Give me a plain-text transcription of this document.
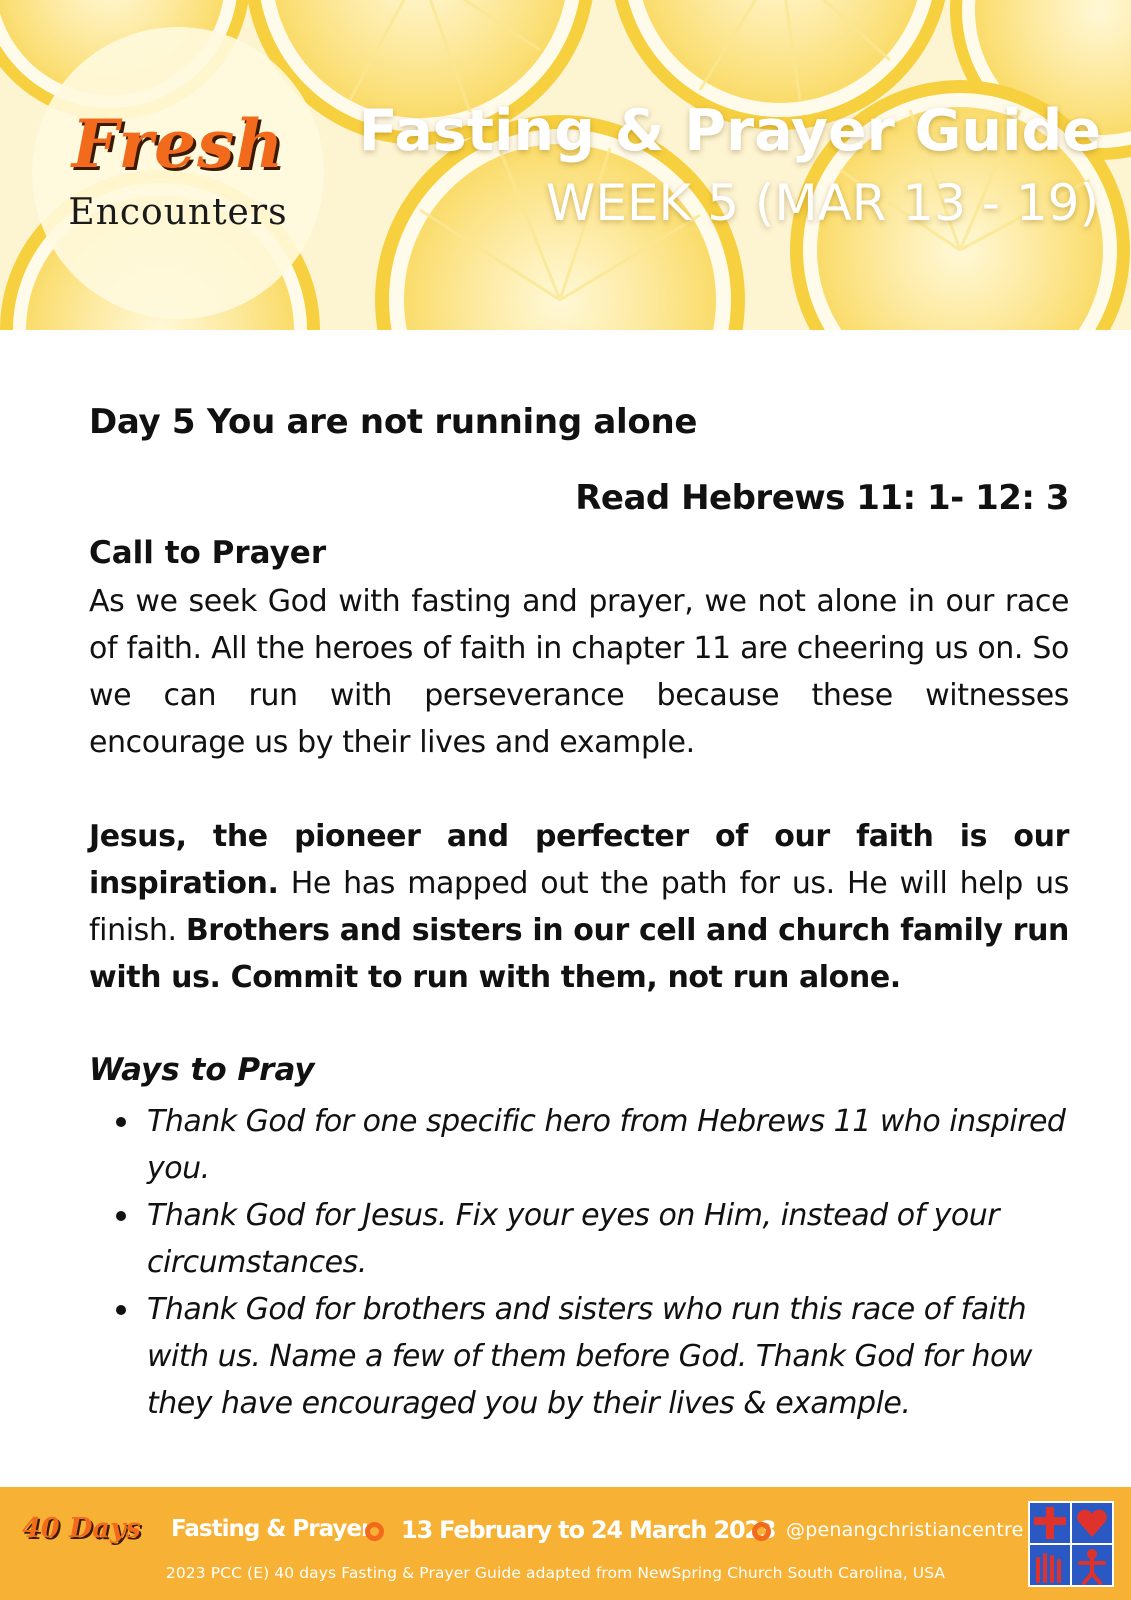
Fresh
Encounters
Fasting & Prayer Guide
WEEK 5 (MAR 13 - 19)
Day 5 You are not running alone
Read Hebrews 11: 1- 12: 3
Call to Prayer

As we seek God with fasting and prayer, we not alone in our race of faith. All the heroes of faith in chapter 11 are cheering us on. So we can run with perseverance because these witnesses encourage us by their lives and example.

Jesus, the pioneer and perfecter of our faith is our inspiration. He has mapped out the path for us. He will help us finish. Brothers and sisters in our cell and church family run with us. Commit to run with them, not run alone.

Ways to Pray
Thank God for one specific hero from Hebrews 11 who inspired you.
Thank God for Jesus. Fix your eyes on Him, instead of your circumstances.
Thank God for brothers and sisters who run this race of faith with us. Name a few of them before God. Thank God for how they have encouraged you by their lives & example.
40 Days Fasting & Prayer 13 February to 24 March 2023 @penangchristiancentre
2023 PCC (E) 40 days Fasting & Prayer Guide adapted from NewSpring Church South Carolina, USA
